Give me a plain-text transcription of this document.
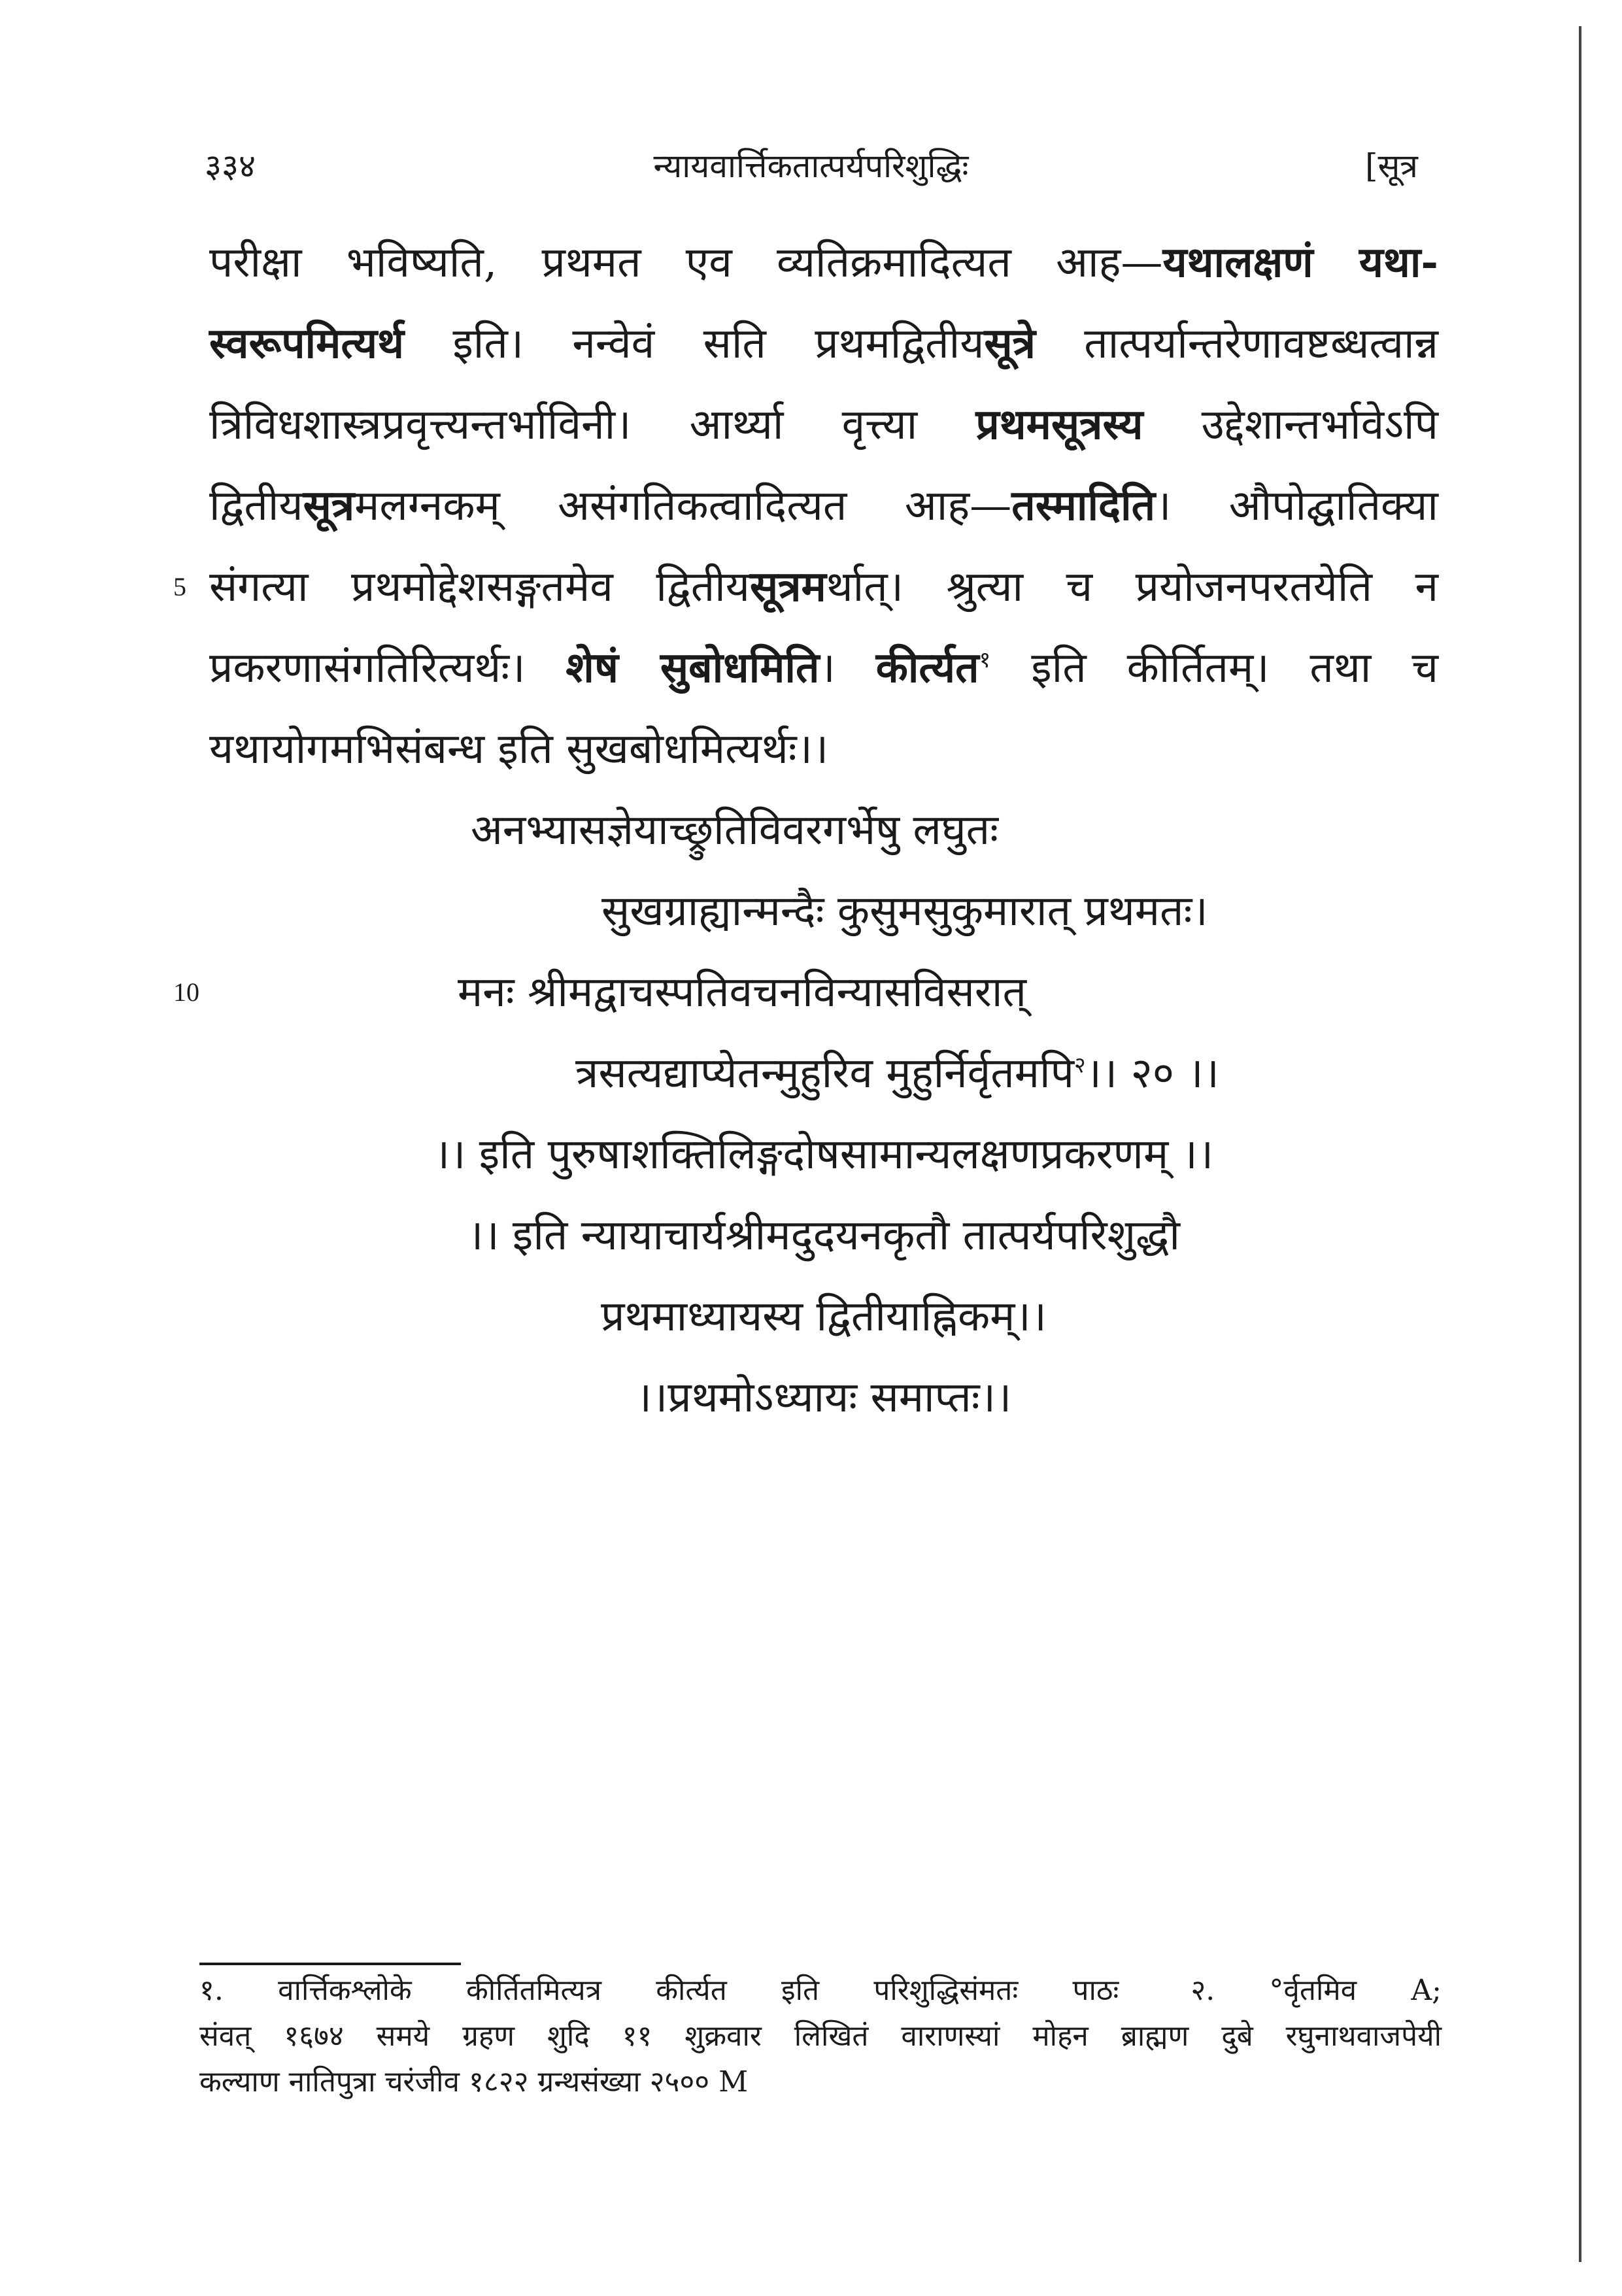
३३४	न्यायवार्त्तिकतात्पर्यपरिशुद्धिः	[सूत्र
परीक्षा भविष्यति, प्रथमत एव व्यतिक्रमादित्यत आह—यथालक्षणं यथा-
स्वरूपमित्यर्थ इति। नन्वेवं सति प्रथमद्वितीयसूत्रे तात्पर्यान्तरेणावष्टब्धत्वान्न
त्रिविधशास्त्रप्रवृत्त्यन्तर्भाविनी। आर्थ्या वृत्त्या प्रथमसूत्रस्य उद्देशान्तर्भावेऽपि
द्वितीयसूत्रमलग्नकम् असंगतिकत्वादित्यत आह—तस्मादिति। औपोद्घातिक्या
5 संगत्या प्रथमोद्देशसङ्गतमेव द्वितीयसूत्रमर्थात्। श्रुत्या च प्रयोजनपरतयेति न
प्रकरणासंगतिरित्यर्थः। शेषं सुबोधमिति। कीर्त्यत$^१$ इति कीर्तितम्। तथा च
यथायोगमभिसंबन्ध इति सुखबोधमित्यर्थः।।
अनभ्यासज्ञेयाच्छ्रुतिविवरगर्भेषु लघुतः
सुखग्राह्यान्मन्दैः कुसुमसुकुमारात् प्रथमतः।
10	मनः श्रीमद्वाचस्पतिवचनविन्यासविसरात्
त्रसत्यद्याप्येतन्मुहुरिव मुहुर्निर्वृतमपि$^२$।। २० ।।
।। इति पुरुषाशक्तिलिङ्गदोषसामान्यलक्षणप्रकरणम् ।।
।। इति न्यायाचार्यश्रीमदुदयनकृतौ तात्पर्यपरिशुद्धौ
प्रथमाध्यायस्य द्वितीयाह्निकम्।।
।।प्रथमोऽध्यायः समाप्तः।।
१. वार्त्तिकश्लोके कीर्तितमित्यत्र कीर्त्यत इति परिशुद्धिसंमतः पाठः	२. °र्वृतमिव A;
संवत् १६७४ समये ग्रहण शुदि ११ शुक्रवार लिखितं वाराणस्यां मोहन ब्राह्मण दुबे रघुनाथवाजपेयी
कल्याण नातिपुत्रा चरंजीव १८२२ ग्रन्थसंख्या २५०० M
